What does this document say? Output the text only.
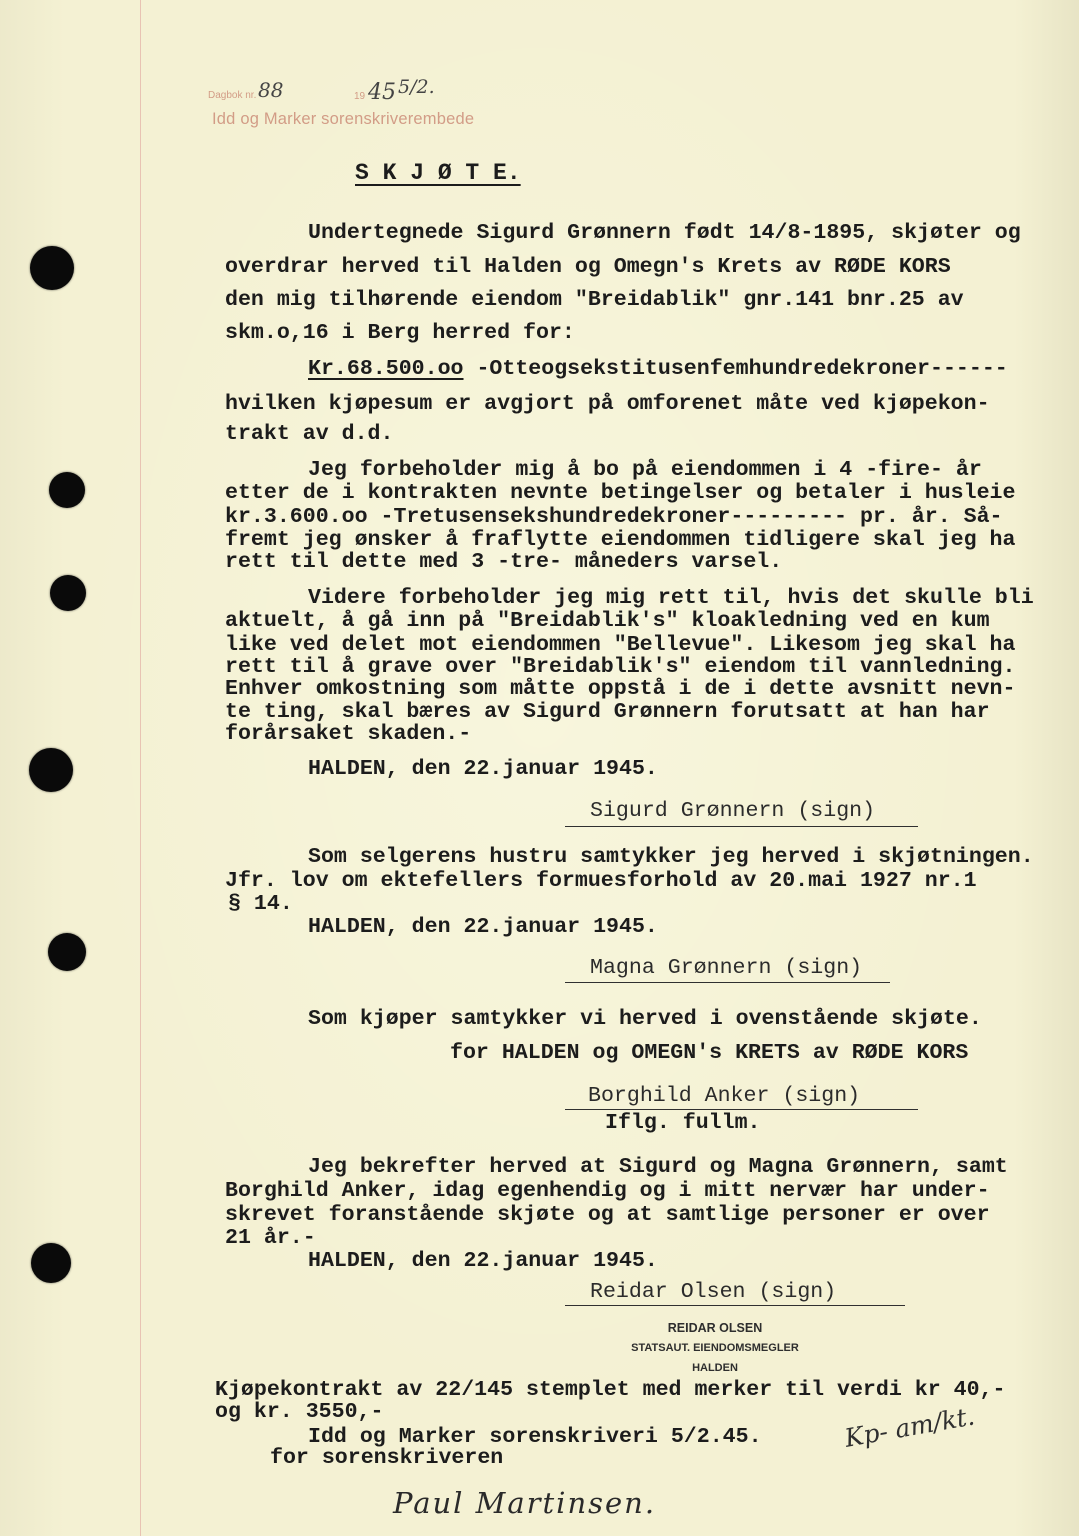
Dagbok nr. 88	19 45 5/2.
Idd og Marker sorenskriverembede
S K J Ø T E.
Undertegnede Sigurd Grønnern født 14/8-1895, skjøter og
overdrar herved til Halden og Omegn's Krets av RØDE KORS
den mig tilhørende eiendom "Breidablik" gnr.141 bnr.25 av
skm.o,16 i Berg herred for:
Kr.68.500.oo -Otteogsekstitusenfemhundredekroner------
hvilken kjøpesum er avgjort på omforenet måte ved kjøpekon-
trakt av d.d.
Jeg forbeholder mig å bo på eiendommen i 4 -fire- år
etter de i kontrakten nevnte betingelser og betaler i husleie
kr.3.600.oo -Tretusensekshundredekroner--------- pr. år. Så-
fremt jeg ønsker å fraflytte eiendommen tidligere skal jeg ha
rett til dette med 3 -tre- måneders varsel.
Videre forbeholder jeg mig rett til, hvis det skulle bli
aktuelt, å gå inn på "Breidablik's" kloakledning ved en kum
like ved delet mot eiendommen "Bellevue". Likesom jeg skal ha
rett til å grave over "Breidablik's" eiendom til vannledning.
Enhver omkostning som måtte oppstå i de i dette avsnitt nevn-
te ting, skal bæres av Sigurd Grønnern forutsatt at han har
forårsaket skaden.-
HALDEN, den 22.januar 1945.
Sigurd Grønnern (sign)
Som selgerens hustru samtykker jeg herved i skjøtningen.
Jfr. lov om ektefellers formuesforhold av 20.mai 1927 nr.1
§ 14.
HALDEN, den 22.januar 1945.
Magna Grønnern (sign)
Som kjøper samtykker vi herved i ovenstående skjøte.
for HALDEN og OMEGN's KRETS av RØDE KORS
Borghild Anker (sign)
Iflg. fullm.
Jeg bekrefter herved at Sigurd og Magna Grønnern, samt
Borghild Anker, idag egenhendig og i mitt nervær har under-
skrevet foranstående skjøte og at samtlige personer er over
21 år.-
HALDEN, den 22.januar 1945.
Reidar Olsen (sign)
REIDAR OLSEN
STATSAUT. EIENDOMSMEGLER
HALDEN
Kjøpekontrakt av 22/145 stemplet med merker til verdi kr 40,-
og kr. 3550,-
Idd og Marker sorenskriveri 5/2.45.
for sorenskriveren
Kp- am/kt.
Paul Martinsen.
